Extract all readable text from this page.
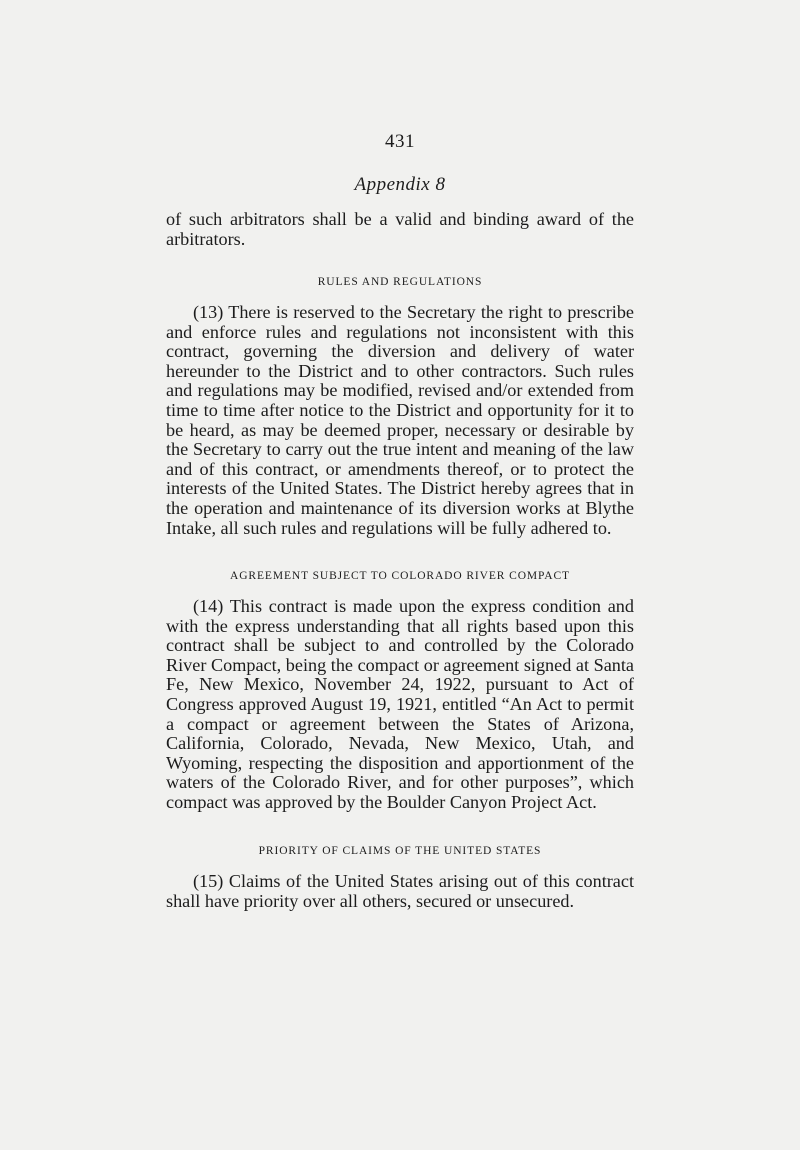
431
Appendix 8

of such arbitrators shall be a valid and binding award of the arbitrators.

RULES AND REGULATIONS

(13) There is reserved to the Secretary the right to prescribe and enforce rules and regulations not inconsistent with this contract, governing the diversion and delivery of water hereunder to the District and to other contractors. Such rules and regulations may be modified, revised and/or extended from time to time after notice to the District and opportunity for it to be heard, as may be deemed proper, necessary or desirable by the Secretary to carry out the true intent and meaning of the law and of this contract, or amendments thereof, or to protect the interests of the United States. The District hereby agrees that in the operation and maintenance of its diversion works at Blythe Intake, all such rules and regulations will be fully adhered to.

AGREEMENT SUBJECT TO COLORADO RIVER COMPACT

(14) This contract is made upon the express condition and with the express understanding that all rights based upon this contract shall be subject to and controlled by the Colorado River Compact, being the compact or agreement signed at Santa Fe, New Mexico, November 24, 1922, pursuant to Act of Congress approved August 19, 1921, entitled “An Act to permit a compact or agreement between the States of Arizona, California, Colorado, Nevada, New Mexico, Utah, and Wyoming, respecting the disposition and apportionment of the waters of the Colorado River, and for other purposes”, which compact was approved by the Boulder Canyon Project Act.

PRIORITY OF CLAIMS OF THE UNITED STATES

(15) Claims of the United States arising out of this contract shall have priority over all others, secured or unsecured.
